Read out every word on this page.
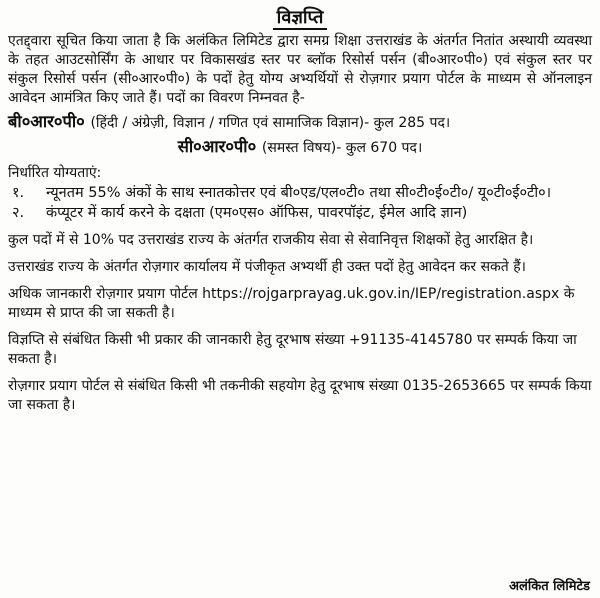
विज्ञप्ति

एतद्द्वारा सूचित किया जाता है कि अलंकित लिमिटेड द्वारा समग्र शिक्षा उत्तराखंड के अंतर्गत नितांत अस्थायी व्यवस्था के तहत आउटसोर्सिंग के आधार पर विकासखंड स्तर पर ब्लॉक रिसोर्स पर्सन (बी०आर०पी०) एवं संकुल स्तर पर संकुल रिसोर्स पर्सन (सी०आर०पी०) के पदों हेतु योग्य अभ्यर्थियों से रोज़गार प्रयाग पोर्टल के माध्यम से ऑनलाइन आवेदन आमंत्रित किए जाते हैं। पदों का विवरण निम्नवत है-

बी०आर०पी० (हिंदी / अंग्रेज़ी, विज्ञान / गणित एवं सामाजिक विज्ञान)- कुल 285 पद।
सी०आर०पी० (समस्त विषय)- कुल 670 पद।

निर्धारित योग्यताएं:

१.	न्यूनतम 55% अंकों के साथ स्नातकोत्तर एवं बी०एड/एल०टी० तथा सी०टी०ई०टी०/ यू०टी०ई०टी०।
२.	कंप्यूटर में कार्य करने के दक्षता (एम०एस० ऑफिस, पावरपॉइंट, ईमेल आदि ज्ञान)

कुल पदों में से 10% पद उत्तराखंड राज्य के अंतर्गत राजकीय सेवा से सेवानिवृत्त शिक्षकों हेतु आरक्षित है।

उत्तराखंड राज्य के अंतर्गत रोज़गार कार्यालय में पंजीकृत अभ्यर्थी ही उक्त पदों हेतु आवेदन कर सकते हैं।

अधिक जानकारी रोज़गार प्रयाग पोर्टल https://rojgarprayag.uk.gov.in/IEP/registration.aspx के माध्यम से प्राप्त की जा सकती है।

विज्ञप्ति से संबंधित किसी भी प्रकार की जानकारी हेतु दूरभाष संख्या +91135-4145780 पर सम्पर्क किया जा सकता है।

रोज़गार प्रयाग पोर्टल से संबंधित किसी भी तकनीकी सहयोग हेतु दूरभाष संख्या 0135-2653665 पर सम्पर्क किया जा सकता है।

अलंकित लिमिटेड
